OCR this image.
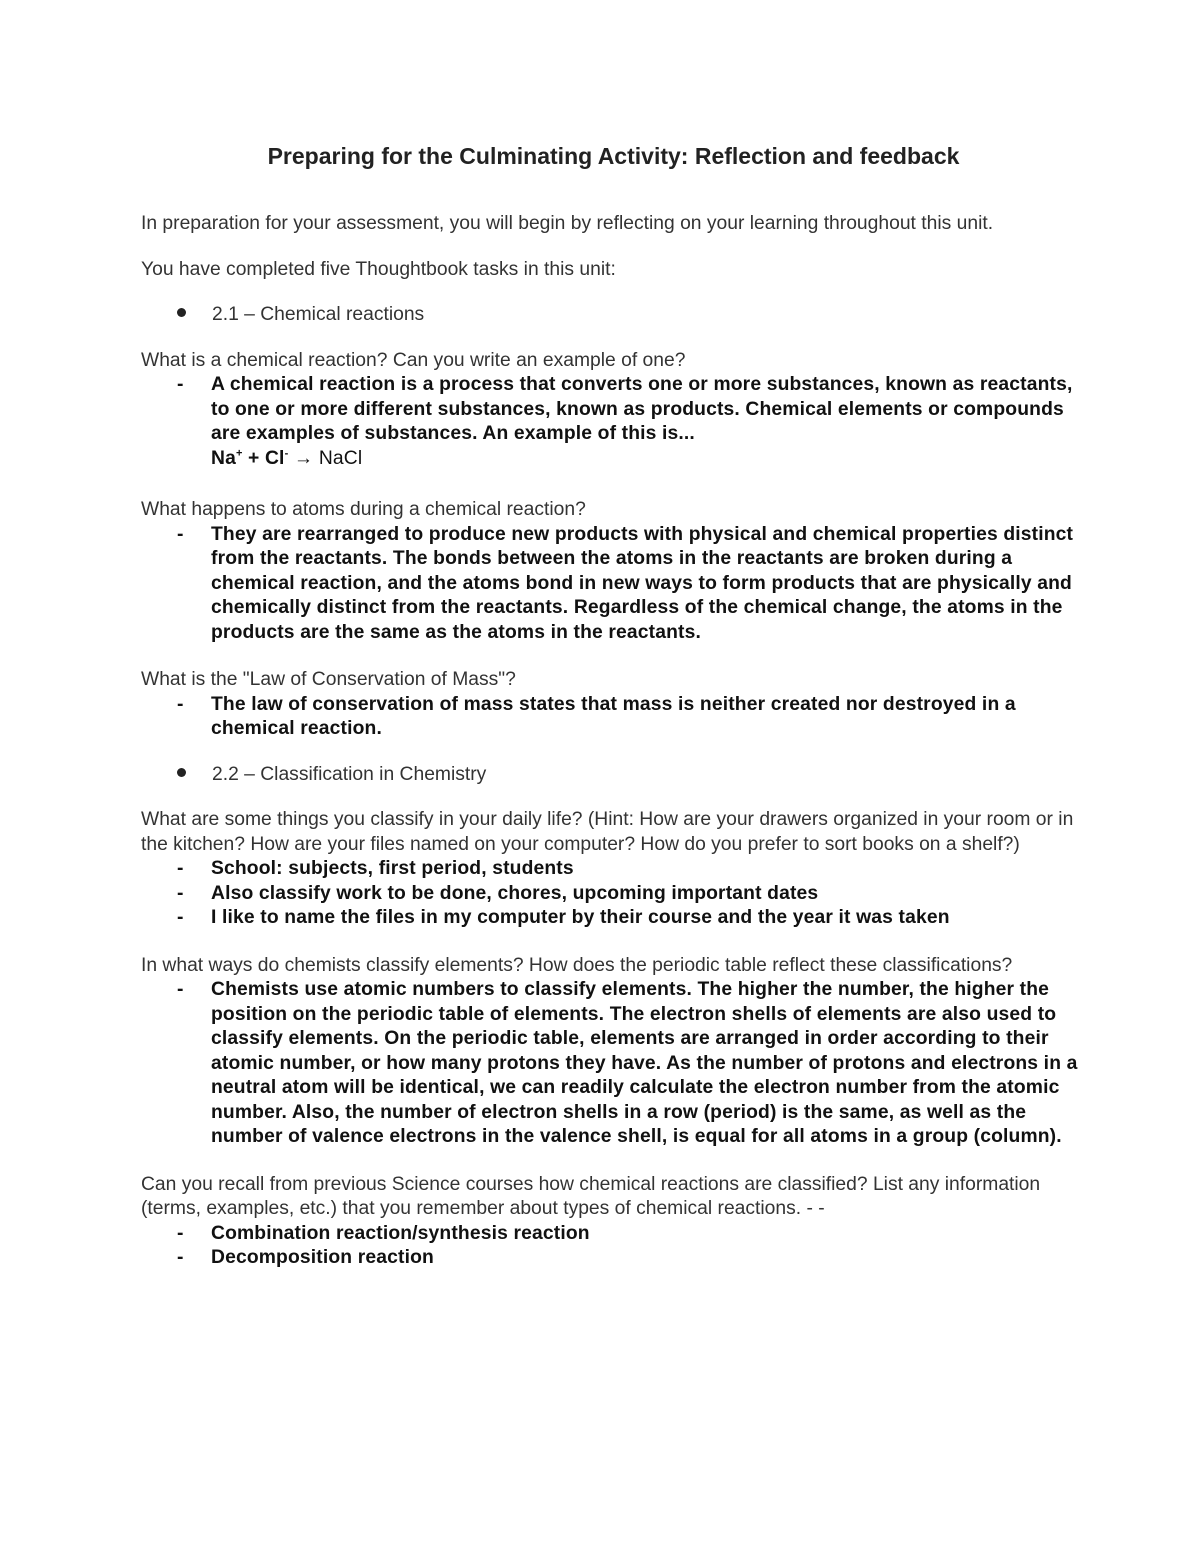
Preparing for the Culminating Activity: Reflection and feedback

In preparation for your assessment, you will begin by reflecting on your learning throughout this unit.

You have completed five Thoughtbook tasks in this unit:

2.1 – Chemical reactions

What is a chemical reaction? Can you write an example of one?

-	A chemical reaction is a process that converts one or more substances, known as reactants, to one or more different substances, known as products. Chemical elements or compounds are examples of substances. An example of this is...
Na+ + Cl- → NaCl

What happens to atoms during a chemical reaction?

-	They are rearranged to produce new products with physical and chemical properties distinct from the reactants. The bonds between the atoms in the reactants are broken during a chemical reaction, and the atoms bond in new ways to form products that are physically and chemically distinct from the reactants. Regardless of the chemical change, the atoms in the products are the same as the atoms in the reactants.

What is the "Law of Conservation of Mass"?

-	The law of conservation of mass states that mass is neither created nor destroyed in a chemical reaction.
2.2 – Classification in Chemistry

What are some things you classify in your daily life? (Hint: How are your drawers organized in your room or in the kitchen? How are your files named on your computer? How do you prefer to sort books on a shelf?)

-	School: subjects, first period, students
-	Also classify work to be done, chores, upcoming important dates
-	I like to name the files in my computer by their course and the year it was taken

In what ways do chemists classify elements? How does the periodic table reflect these classifications?

-	Chemists use atomic numbers to classify elements. The higher the number, the higher the position on the periodic table of elements. The electron shells of elements are also used to classify elements. On the periodic table, elements are arranged in order according to their atomic number, or how many protons they have. As the number of protons and electrons in a neutral atom will be identical, we can readily calculate the electron number from the atomic number. Also, the number of electron shells in a row (period) is the same, as well as the number of valence electrons in the valence shell, is equal for all atoms in a group (column).

Can you recall from previous Science courses how chemical reactions are classified? List any information (terms, examples, etc.) that you remember about types of chemical reactions. - -

-	Combination reaction/synthesis reaction
-	Decomposition reaction
